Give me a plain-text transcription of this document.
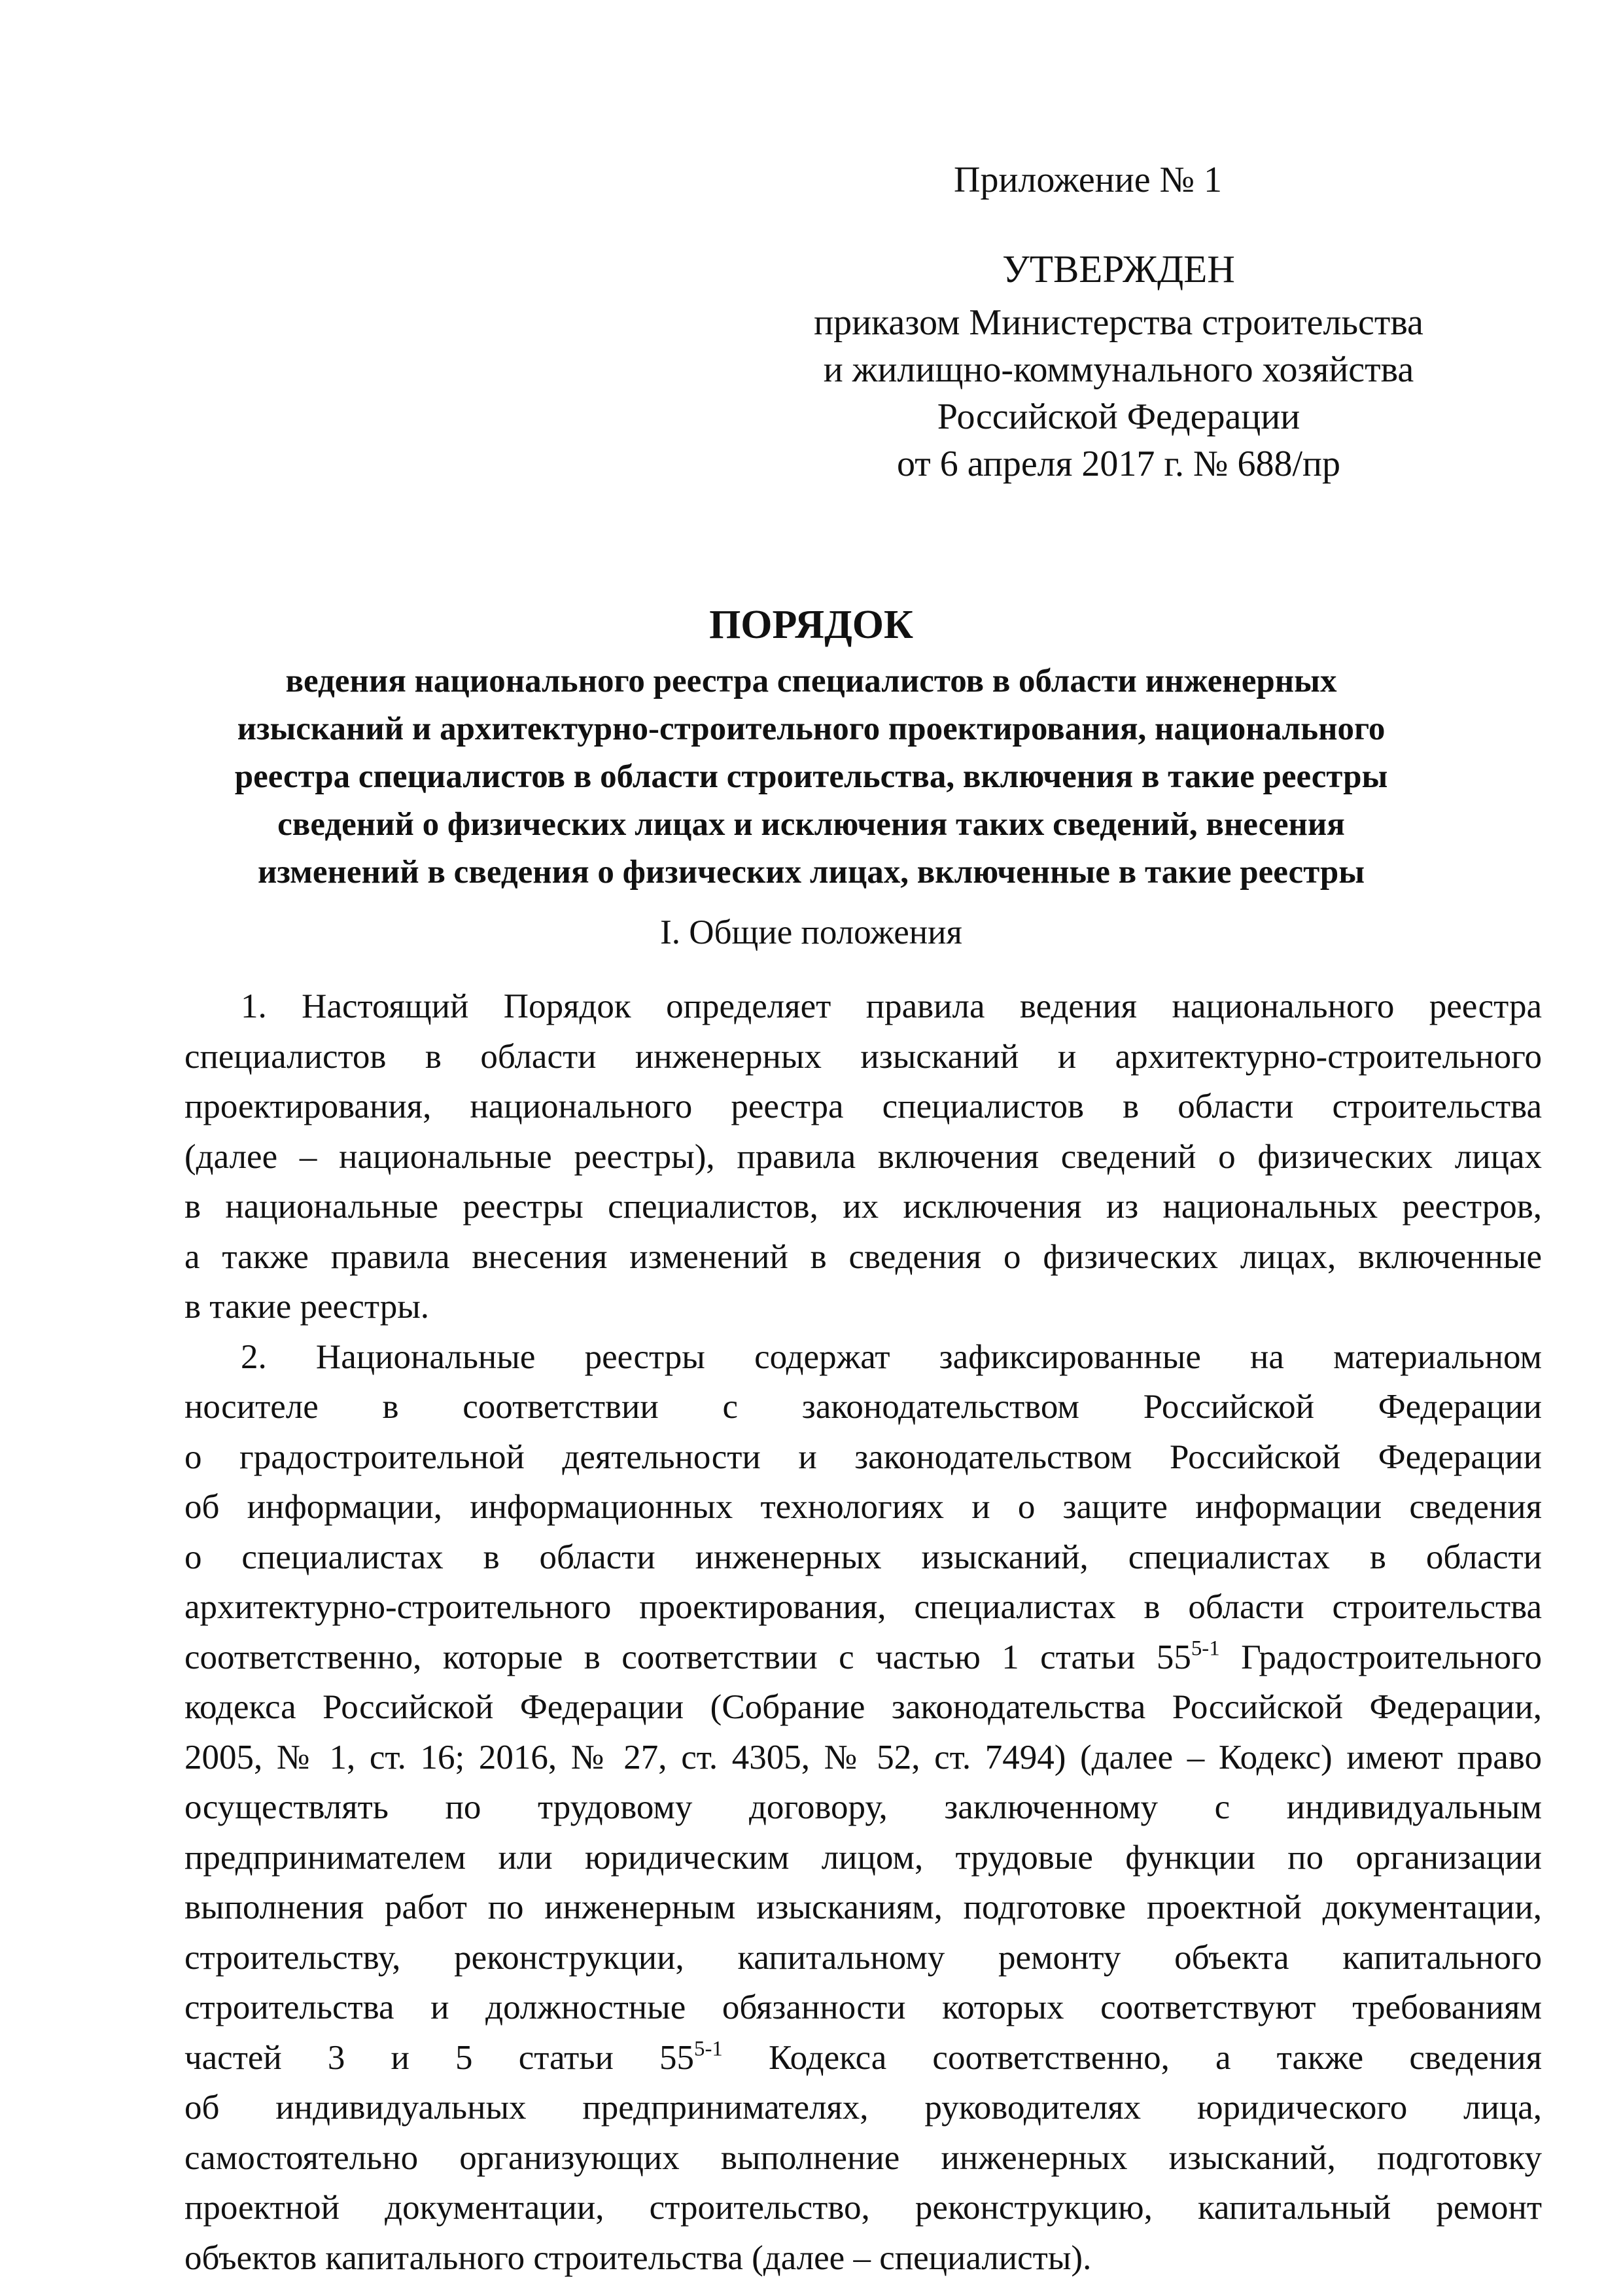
Приложение № 1
УТВЕРЖДЕН
приказом Министерства строительства
и жилищно-коммунального хозяйства
Российской Федерации
от 6 апреля 2017 г. № 688/пр
ПОРЯДОК
ведения национального реестра специалистов в области инженерных
изысканий и архитектурно-строительного проектирования, национального
реестра специалистов в области строительства, включения в такие реестры
сведений о физических лицах и исключения таких сведений, внесения
изменений в сведения о физических лицах, включенные в такие реестры
I. Общие положения
1. Настоящий Порядок определяет правила ведения национального реестра
специалистов в области инженерных изысканий и архитектурно-строительного
проектирования, национального реестра специалистов в области строительства
(далее – национальные реестры), правила включения сведений о физических лицах
в национальные реестры специалистов, их исключения из национальных реестров,
а также правила внесения изменений в сведения о физических лицах, включенные
в такие реестры.
2. Национальные реестры содержат зафиксированные на материальном
носителе в соответствии с законодательством Российской Федерации
о градостроительной деятельности и законодательством Российской Федерации
об информации, информационных технологиях и о защите информации сведения
о специалистах в области инженерных изысканий, специалистах в области
архитектурно-строительного проектирования, специалистах в области строительства
соответственно, которые в соответствии с частью 1 статьи 55$^{5-1}$ Градостроительного
кодекса Российской Федерации (Собрание законодательства Российской Федерации,
2005, № 1, ст. 16; 2016, № 27, ст. 4305, № 52, ст. 7494) (далее – Кодекс) имеют право
осуществлять по трудовому договору, заключенному с индивидуальным
предпринимателем или юридическим лицом, трудовые функции по организации
выполнения работ по инженерным изысканиям, подготовке проектной документации,
строительству, реконструкции, капитальному ремонту объекта капитального
строительства и должностные обязанности которых соответствуют требованиям
частей 3 и 5 статьи 55$^{5-1}$ Кодекса соответственно, а также сведения
об индивидуальных предпринимателях, руководителях юридического лица,
самостоятельно организующих выполнение инженерных изысканий, подготовку
проектной документации, строительство, реконструкцию, капитальный ремонт
объектов капитального строительства (далее – специалисты).
